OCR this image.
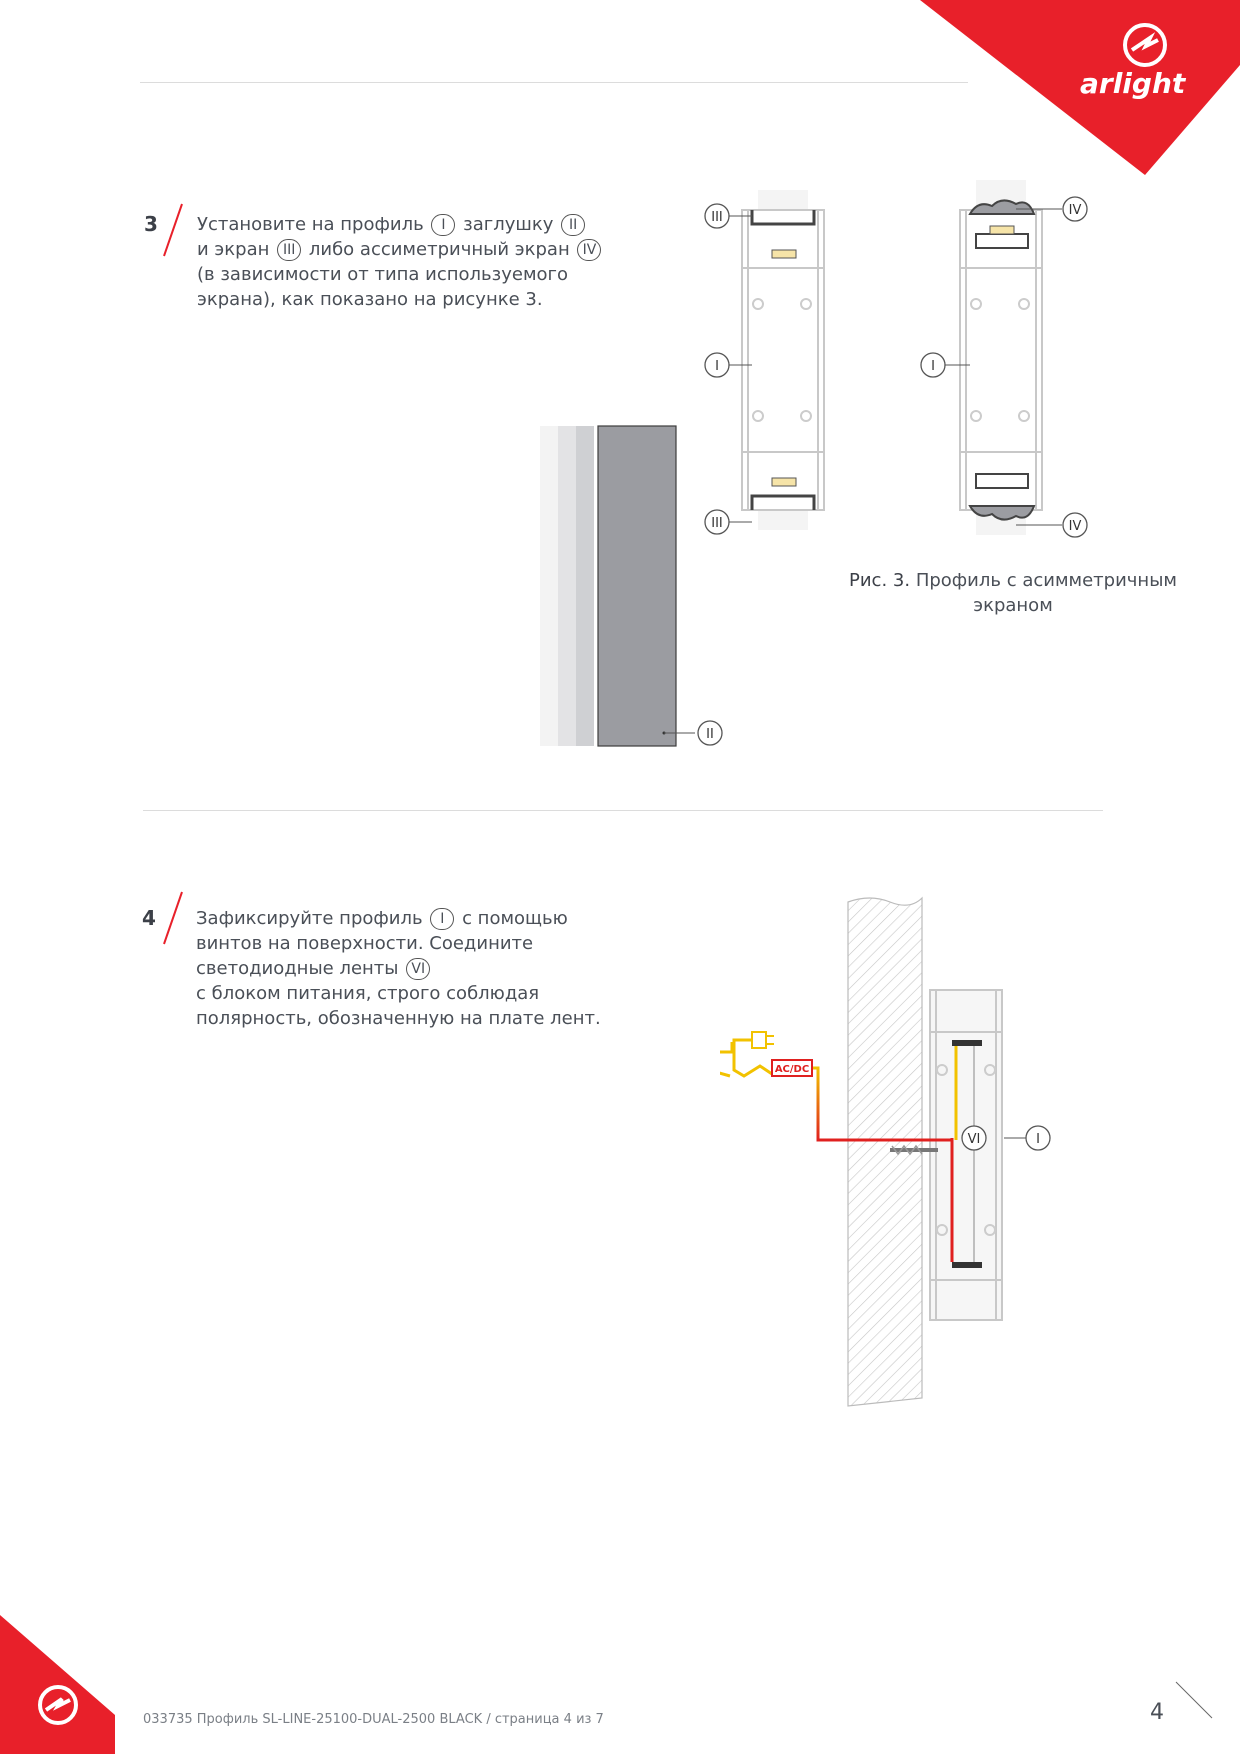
arlight
3 Установите на профиль I заглушку II
и экран III либо ассиметричный экран IV
(в зависимости от типа используемого
экрана), как показано на рисунке 3.
III
I
III
I
IV
IV
II
Рис. 3. Профиль с асимметричным
экраном
4 Зафиксируйте профиль I с помощью
винтов на поверхности. Соедините
светодиодные ленты VI
с блоком питания, строго соблюдая
полярность, обозначенную на плате лент.
AC/DC
VI	I
033735 Профиль SL-LINE-25100-DUAL-2500 BLACK / страница 4 из 7	4
